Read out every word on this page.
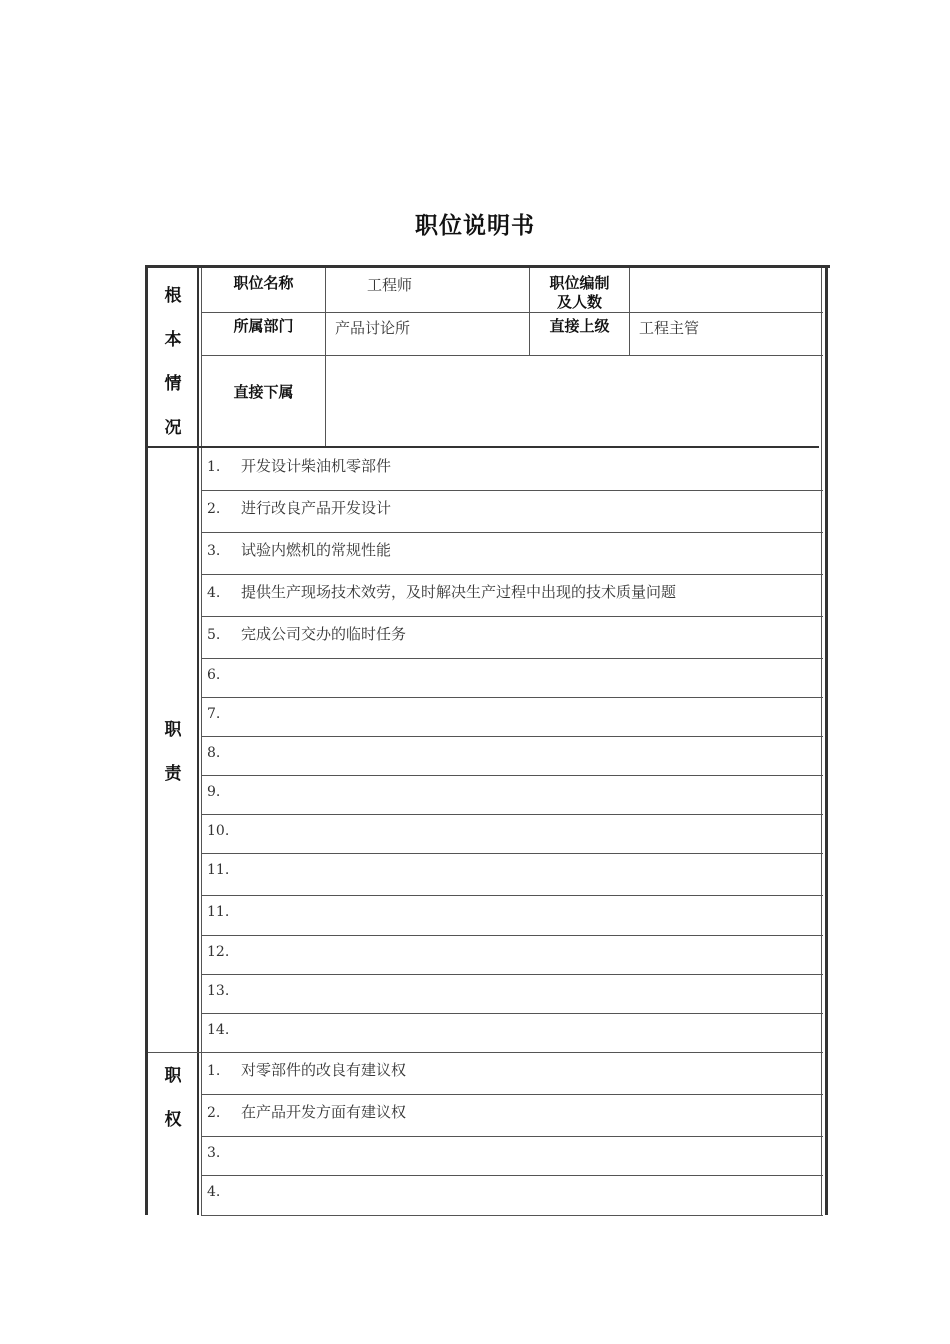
职位说明书
根
本
情
况
职位名称	工程师	职位编制
及人数
所属部门	产品讨论所	直接上级	工程主管
直接下属
职
责
1. 开发设计柴油机零部件
2. 进行改良产品开发设计
3. 试验内燃机的常规性能
4. 提供生产现场技术效劳，及时解决生产过程中出现的技术质量问题
5. 完成公司交办的临时任务
6.
7.
8.
9.
10.
11.
11.
12.
13.
14.
职
权
1. 对零部件的改良有建议权
2. 在产品开发方面有建议权
3.
4.
